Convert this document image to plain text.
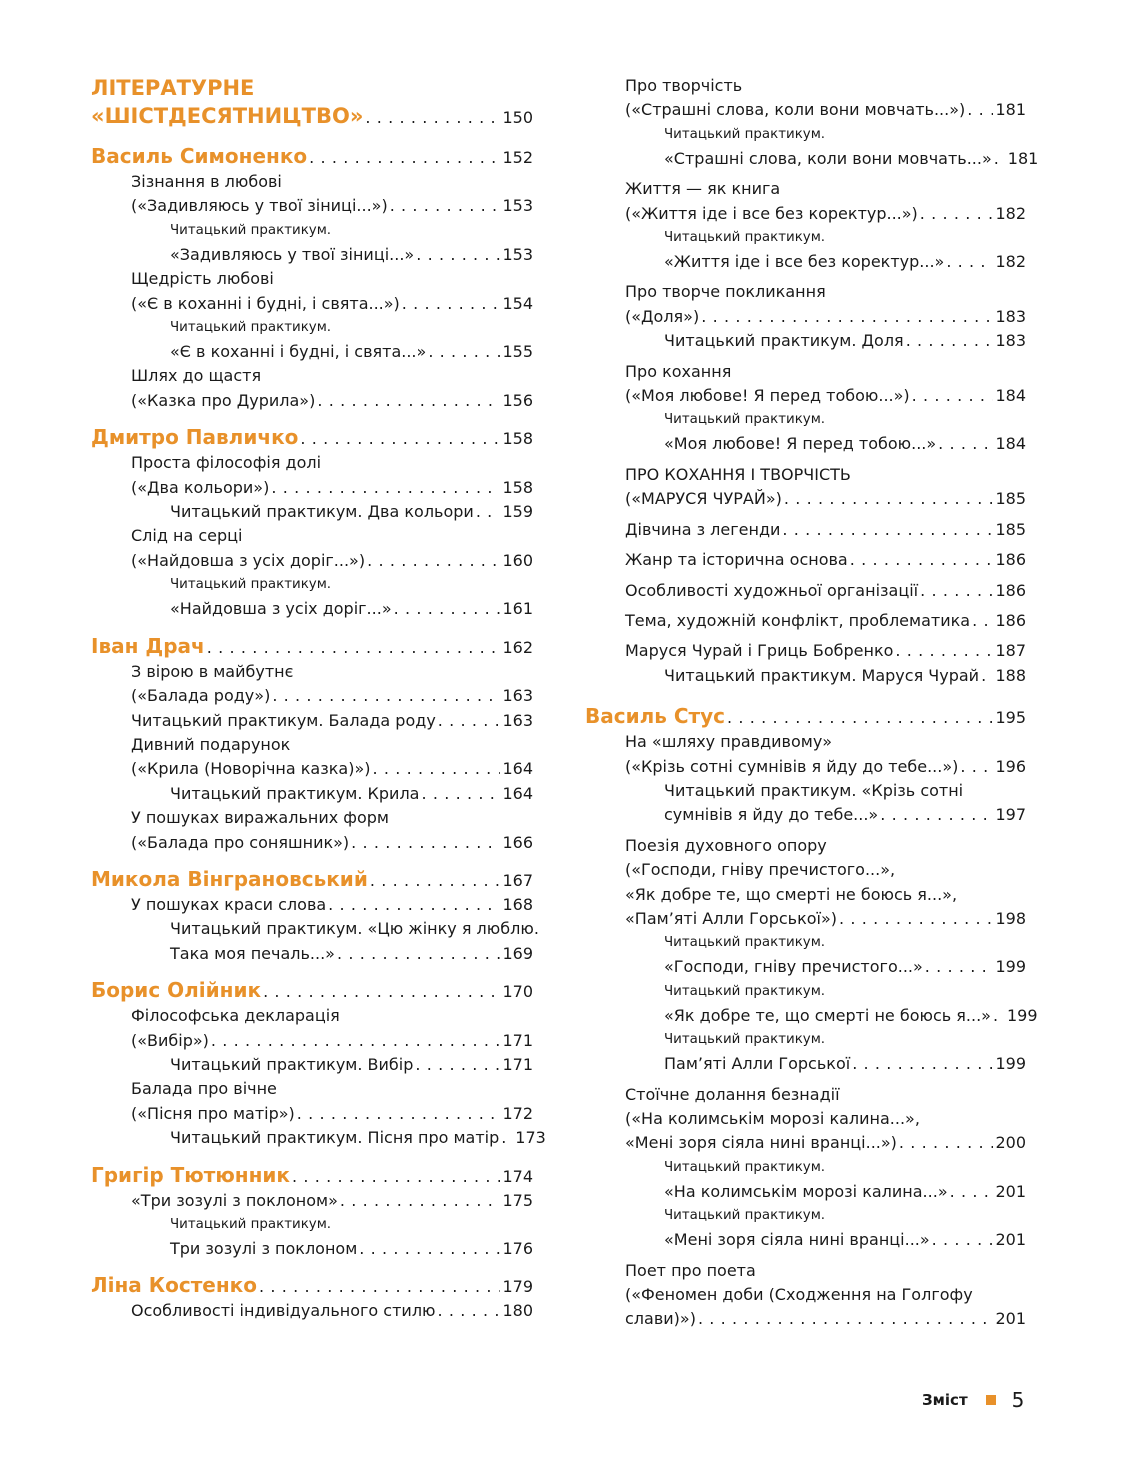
ЛІТЕРАТУРНЕ
«ШІСТДЕСЯТНИЦТВО» . . .	150
Василь Симоненко . . .	152
Зізнання в любові
(«Задивляюсь у твої зіниці...») . . .	153
Читацький практикум.
«Задивляюсь у твої зіниці...» . . .	153
Щедрість любові
(«Є в коханні і будні, і свята...») . . .	154
Читацький практикум.
«Є в коханні і будні, і свята...» . . .	155
Шлях до щастя
(«Казка про Дурила») . . .	156
Дмитро Павличко . . .	158
Проста філософія долі
(«Два кольори») . . .	158
Читацький практикум. Два кольори . . . 159
Слід на серці
(«Найдовша з усіх доріг...») . . .	160
Читацький практикум.
«Найдовша з усіх доріг...» . . .	161
Іван Драч . . .	162
З вірою в майбутнє
(«Балада роду») . . .	163
Читацький практикум. Балада роду . . .	163
Дивний подарунок
(«Крила (Новорічна казка)») . . .	164
Читацький практикум. Крила . . .	164
У пошуках виражальних форм
(«Балада про соняшник») . . .	166
Микола Вінграновський . . .	167
У пошуках краси слова . . .	168
Читацький практикум. «Цю жінку я люблю.
Така моя печаль...» . . .	169
Борис Олійник . . .	170
Філософська декларація
(«Вибір») . . .	171
Читацький практикум. Вибір . . .	171
Балада про вічне
(«Пісня про матір») . . .	172
Читацький практикум. Пісня про матір . . . 173
Григір Тютюнник . . .	174
«Три зозулі з поклоном» . . .	175
Читацький практикум.
Три зозулі з поклоном . . .	176
Ліна Костенко . . .	179
Особливості індивідуального стилю . . .	180
Про творчість
(«Страшні слова, коли вони мовчать...») . . . 181
Читацький практикум.
«Страшні слова, коли вони мовчать...» . . . 181
Життя — як книга
(«Життя іде і все без коректур...») . . .	182
Читацький практикум.
«Життя іде і все без коректур...» . . .	182
Про творче покликання
(«Доля») . . .	183
Читацький практикум. Доля . . .	183
Про кохання
(«Моя любове! Я перед тобою...») . . .	184
Читацький практикум.
«Моя любове! Я перед тобою...» . . .	184
ПРО КОХАННЯ І ТВОРЧІСТЬ
(«МАРУСЯ ЧУРАЙ») . . .	185
Дівчина з легенди . . .	185
Жанр та історична основа . . .	186
Особливості художньої організації . . .	186
Тема, художній конфлікт, проблематика . . . 186
Маруся Чурай і Гриць Бобренко . . .	187
Читацький практикум. Маруся Чурай . . . 188
Василь Стус . . .	195
На «шляху правдивому»
(«Крізь сотні сумнівів я йду до тебе...») . . . 196
Читацький практикум. «Крізь сотні
сумнівів я йду до тебе...» . . .	197
Поезія духовного опору
(«Господи, гніву пречистого...»,
«Як добре те, що смерті не боюсь я...»,
«Пам’яті Алли Горської») . . .	198
Читацький практикум.
«Господи, гніву пречистого...» . . .	199
Читацький практикум.
«Як добре те, що смерті не боюсь я...» . . . 199
Читацький практикум.
Пам’яті Алли Горської . . .	199
Стоїчне долання безнадії
(«На колимськім морозі калина...»,
«Мені зоря сіяла нині вранці...») . . .	200
Читацький практикум.
«На колимськім морозі калина...» . . .	201
Читацький практикум.
«Мені зоря сіяла нині вранці...» . . .	201
Поет про поета
(«Феномен доби (Сходження на Голгофу
слави)») . . .	201
Зміст 5
